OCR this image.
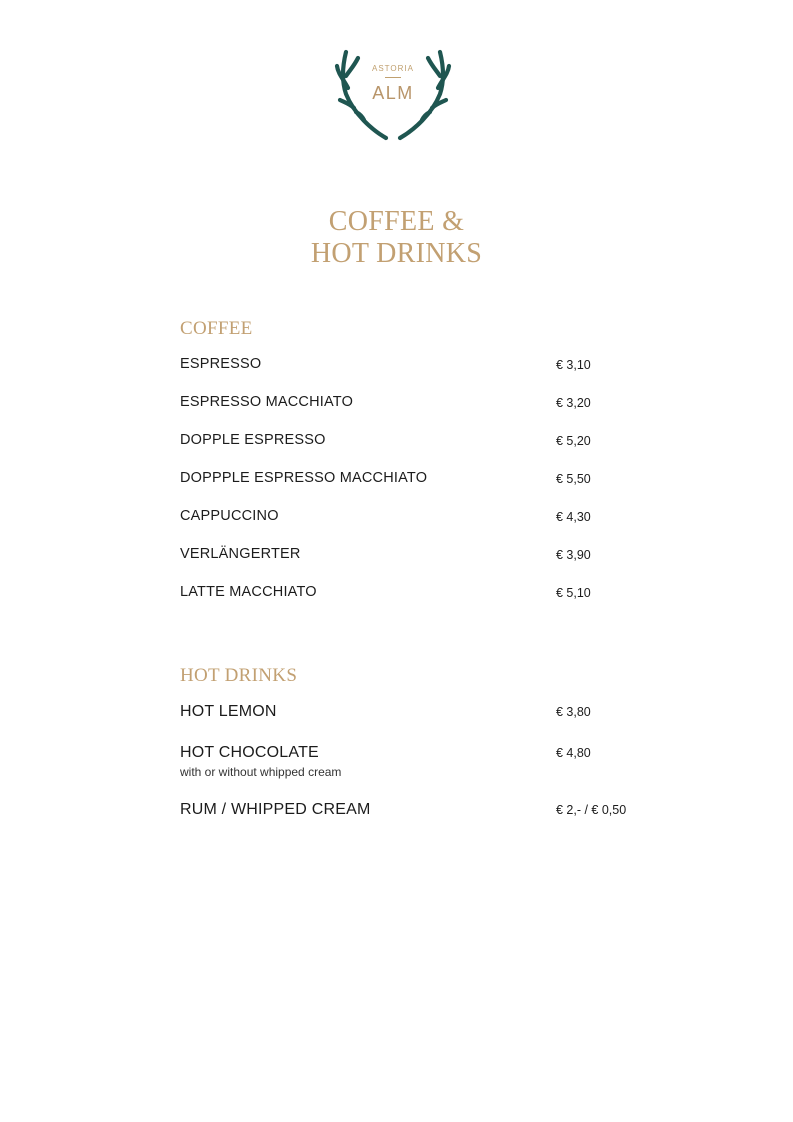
ASTORIA
ALM
COFFEE &
HOT DRINKS
COFFEE
ESPRESSO	€ 3,10
ESPRESSO MACCHIATO	€ 3,20
DOPPLE ESPRESSO	€ 5,20
DOPPPLE ESPRESSO MACCHIATO	€ 5,50
CAPPUCCINO	€ 4,30
VERLÄNGERTER	€ 3,90
LATTE MACCHIATO	€ 5,10
HOT DRINKS
HOT LEMON	€ 3,80
HOT CHOCOLATE	€ 4,80
with or without whipped cream
RUM / WHIPPED CREAM	€ 2,- / € 0,50
